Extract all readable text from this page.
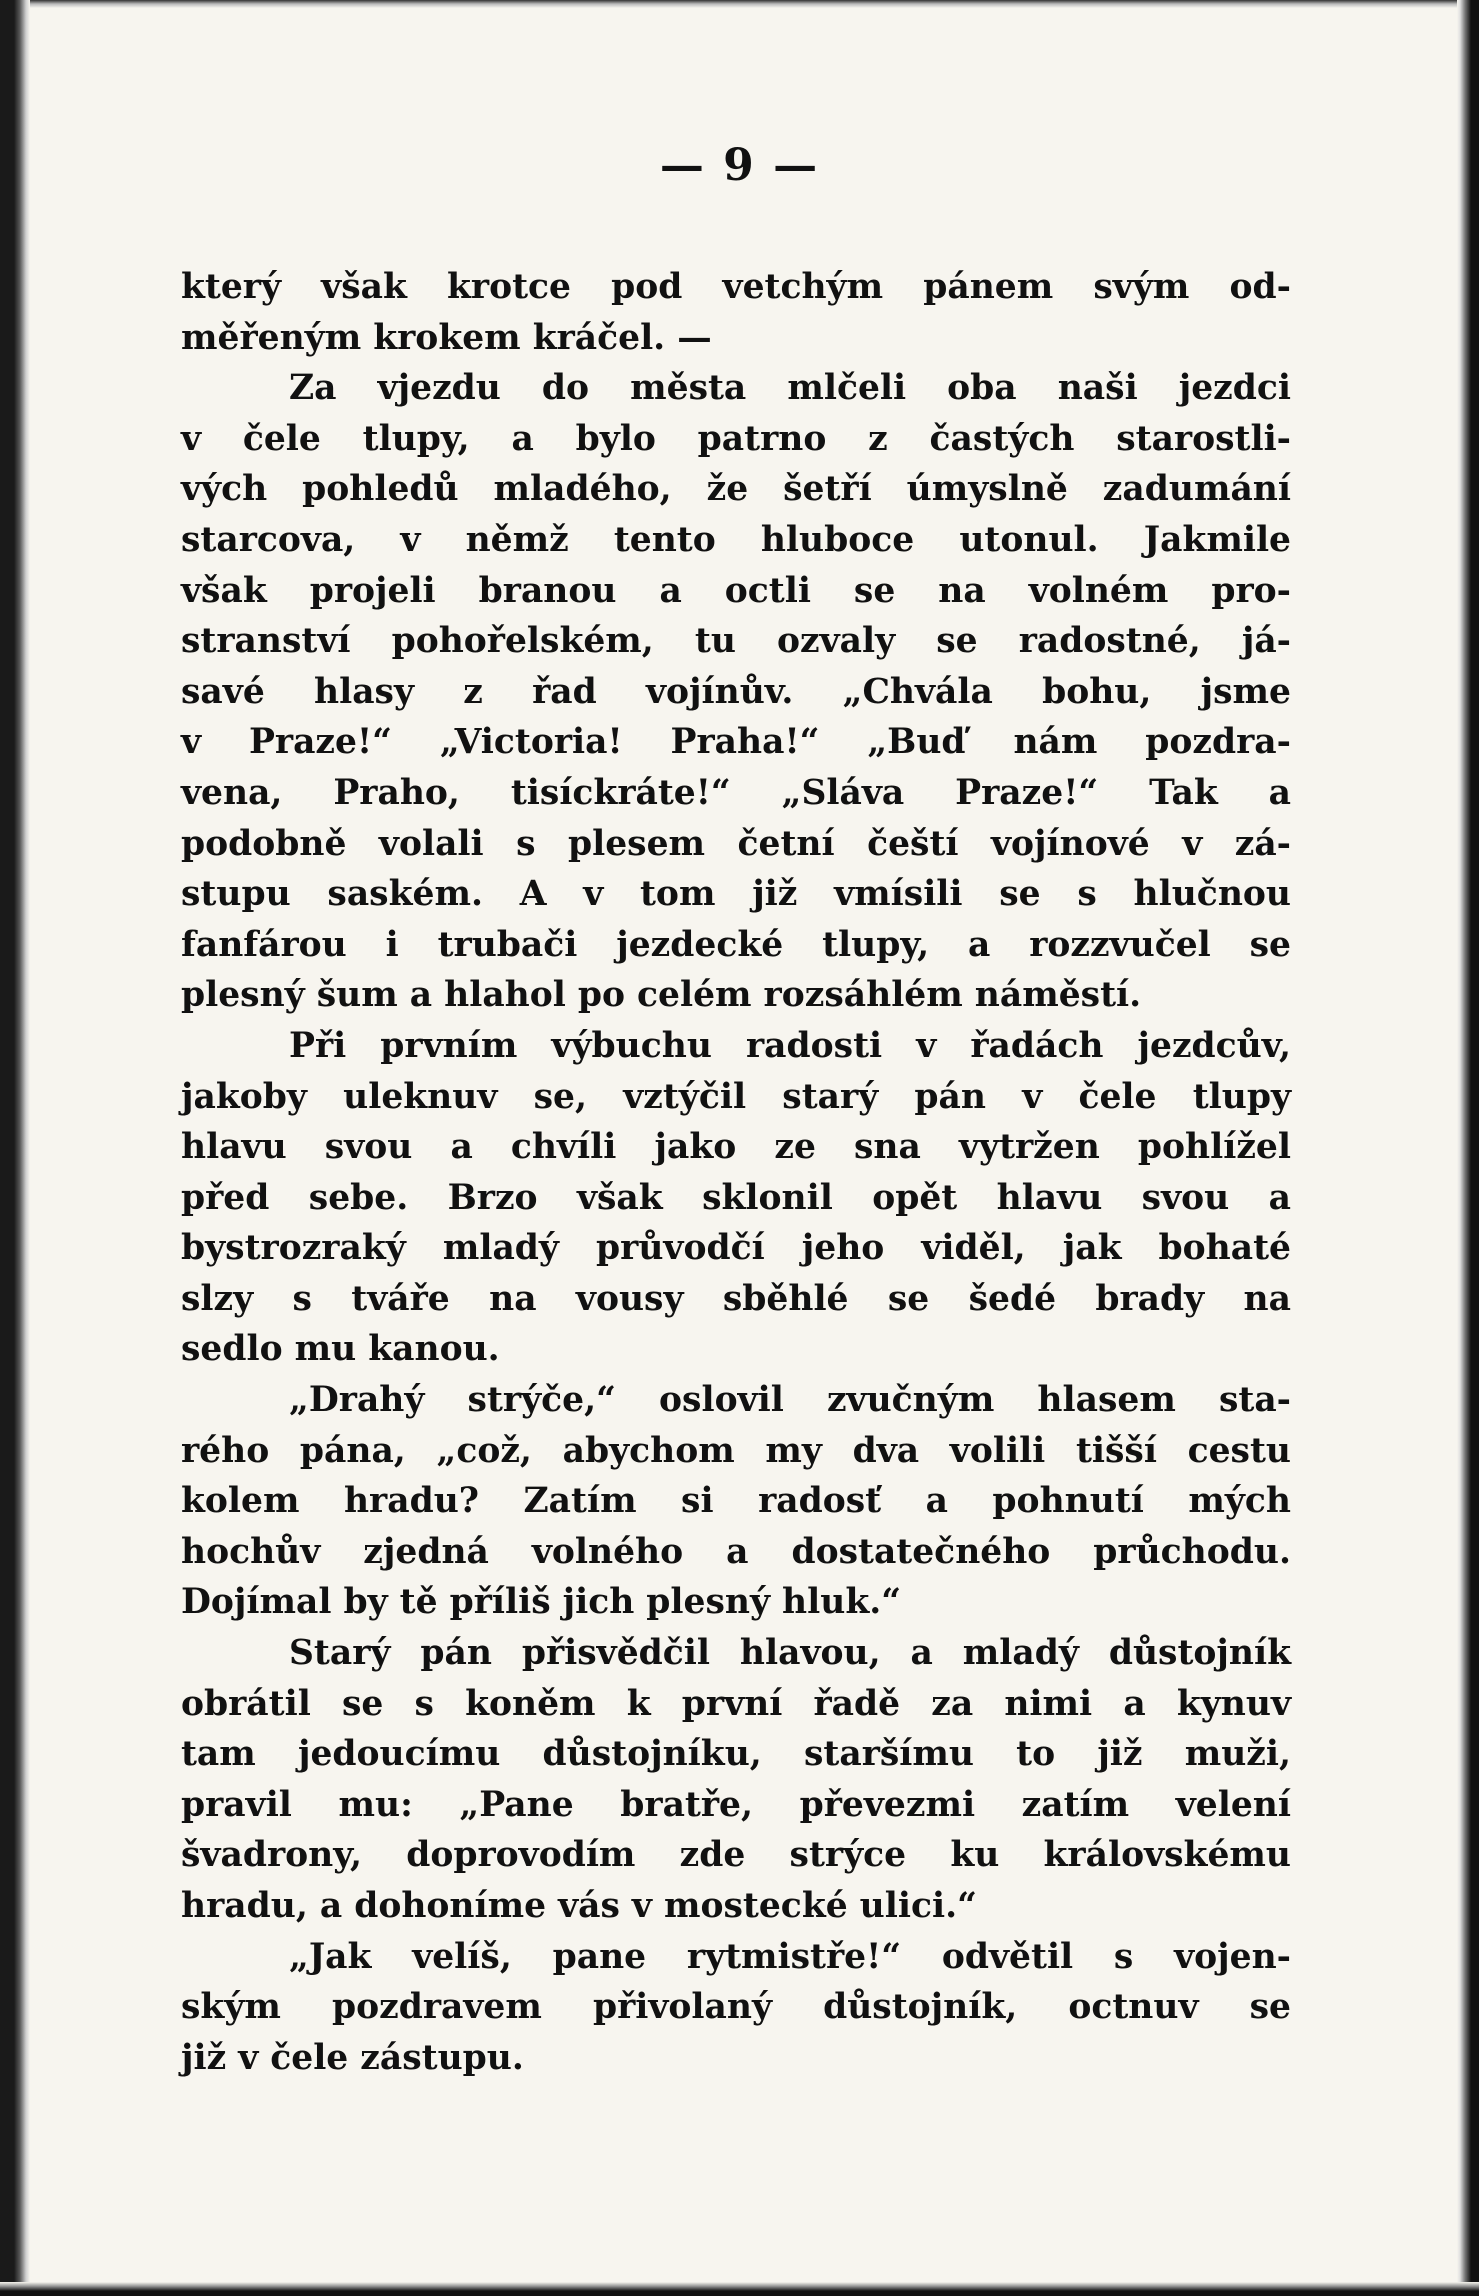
— 9 —
který však krotce pod vetchým pánem svým od-
měřeným krokem kráčel. —
Za vjezdu do města mlčeli oba naši jezdci
v čele tlupy, a bylo patrno z častých starostli-
vých pohledů mladého, že šetří úmyslně zadumání
starcova, v němž tento hluboce utonul. Jakmile
však projeli branou a octli se na volném pro-
stranství pohořelském, tu ozvaly se radostné, já-
savé hlasy z řad vojínův. „Chvála bohu, jsme
v Praze!“ „Victoria! Praha!“ „Buď nám pozdra-
vena, Praho, tisíckráte!“ „Sláva Praze!“ Tak a
podobně volali s plesem četní čeští vojínové v zá-
stupu saském. A v tom již vmísili se s hlučnou
fanfárou i trubači jezdecké tlupy, a rozzvučel se
plesný šum a hlahol po celém rozsáhlém náměstí.
Při prvním výbuchu radosti v řadách jezdcův,
jakoby uleknuv se, vztýčil starý pán v čele tlupy
hlavu svou a chvíli jako ze sna vytržen pohlížel
před sebe. Brzo však sklonil opět hlavu svou a
bystrozraký mladý průvodčí jeho viděl, jak bohaté
slzy s tváře na vousy sběhlé se šedé brady na
sedlo mu kanou.
„Drahý strýče,“ oslovil zvučným hlasem sta-
rého pána, „což, abychom my dva volili tišší cestu
kolem hradu? Zatím si radosť a pohnutí mých
hochův zjedná volného a dostatečného průchodu.
Dojímal by tě příliš jich plesný hluk.“
Starý pán přisvědčil hlavou, a mladý důstojník
obrátil se s koněm k první řadě za nimi a kynuv
tam jedoucímu důstojníku, staršímu to již muži,
pravil mu: „Pane bratře, převezmi zatím velení
švadrony, doprovodím zde strýce ku královskému
hradu, a dohoníme vás v mostecké ulici.“
„Jak velíš, pane rytmistře!“ odvětil s vojen-
ským pozdravem přivolaný důstojník, octnuv se
již v čele zástupu.
